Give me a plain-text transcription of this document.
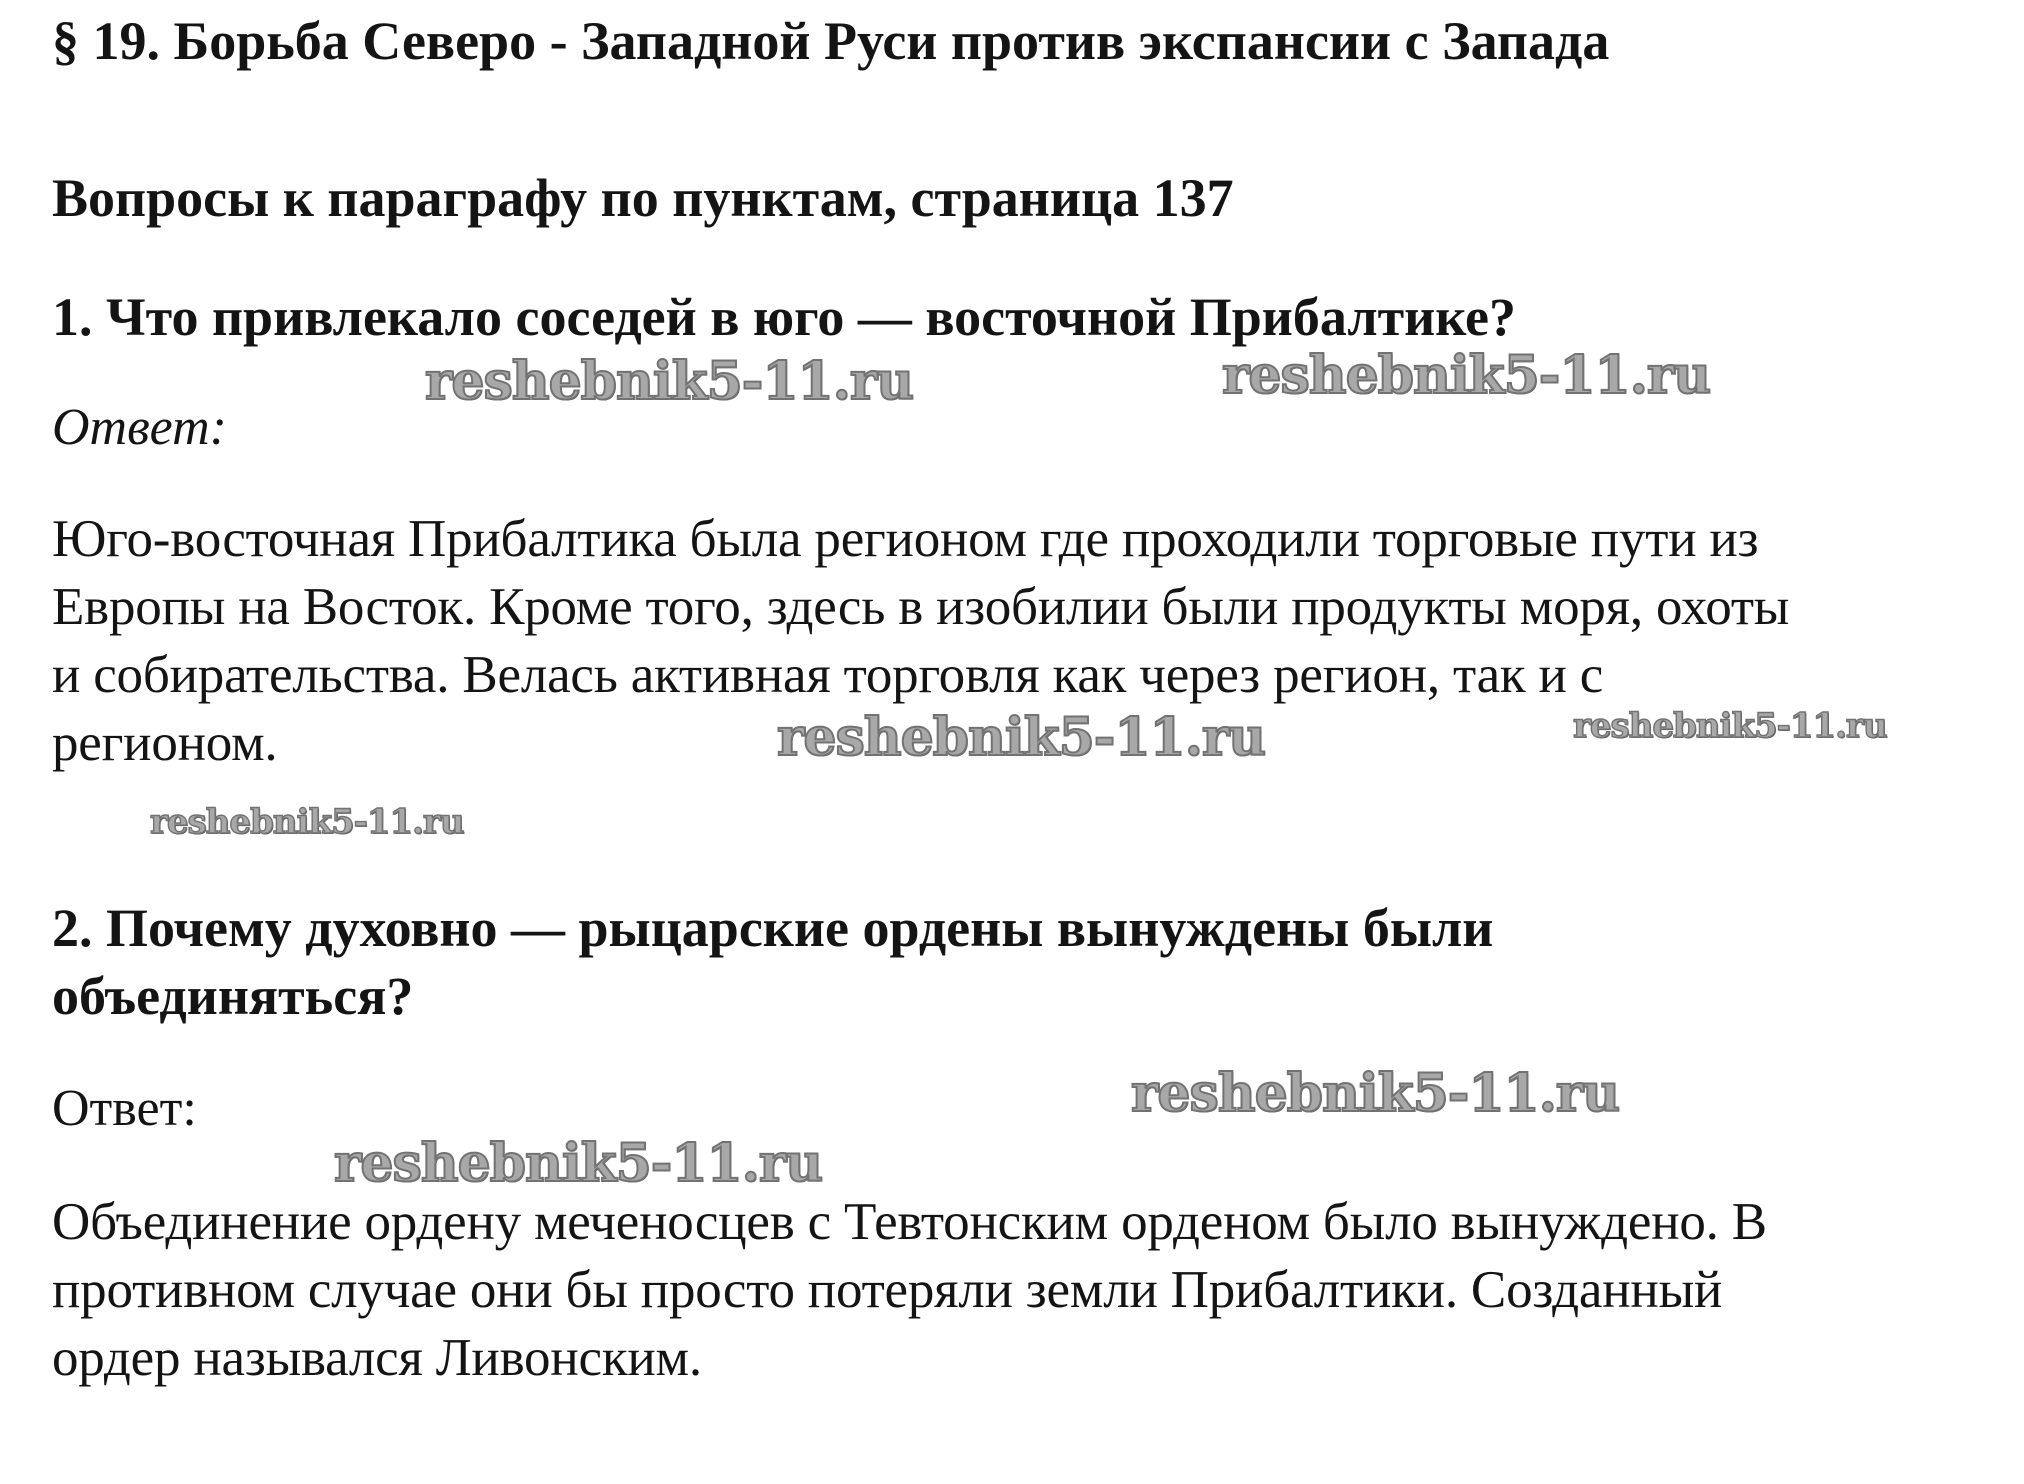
§ 19. Борьба Северо - Западной Руси против экспансии с Запада
Вопросы к параграфу по пунктам, страница 137
1. Что привлекало соседей в юго — восточной Прибалтике?

Ответ:

Юго-восточная Прибалтика была регионом где проходили торговые пути из

Европы на Восток. Кроме того, здесь в изобилии были продукты моря, охоты

и собирательства. Велась активная торговля как через регион, так и с

регионом.

2. Почему духовно — рыцарские ордены вынуждены были
объединяться?

Ответ:

Объединение ордену меченосцев с Тевтонским орденом было вынуждено. В

противном случае они бы просто потеряли земли Прибалтики. Созданный

ордер назывался Ливонским.

reshebnik5-11.ru	reshebnik5-11.ru
reshebnik5-11.ru	reshebnik5-11.ru
reshebnik5-11.ru
reshebnik5-11.ru
reshebnik5-11.ru
